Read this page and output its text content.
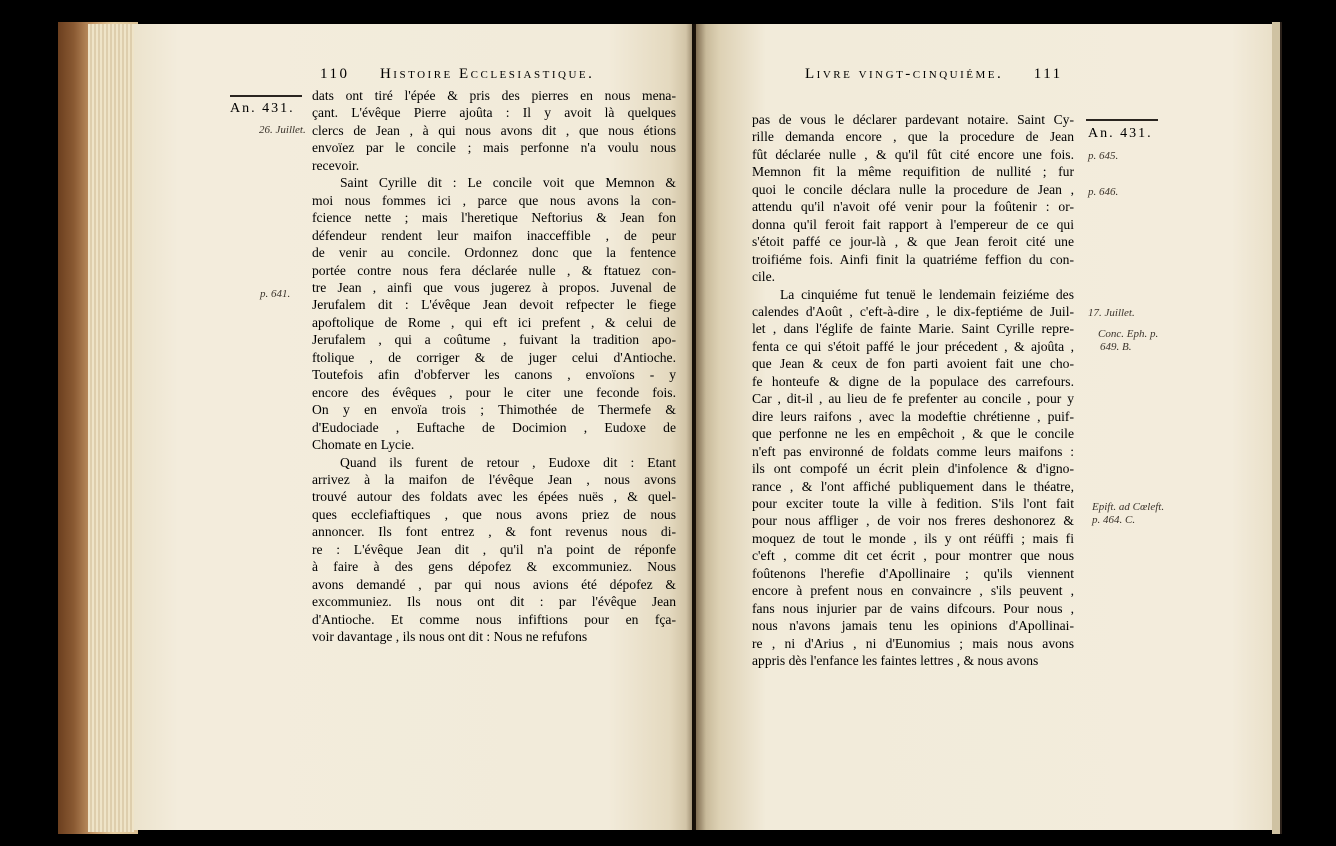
110 Histoire Ecclesiastique.
An. 431.
26. Juillet.
p. 641.
dats ont tiré l'épée & pris des pierres en nous mena-
çant. L'évêque Pierre ajoûta : Il y avoit là quelques
clercs de Jean , à qui nous avons dit , que nous étions
envoïez par le concile ; mais perfonne n'a voulu nous
recevoir.
Saint Cyrille dit : Le concile voit que Memnon &
moi nous fommes ici , parce que nous avons la con-
fcience nette ; mais l'heretique Neftorius & Jean fon
défendeur rendent leur maifon inacceffible , de peur
de venir au concile. Ordonnez donc que la fentence
portée contre nous fera déclarée nulle , & ftatuez con-
tre Jean , ainfi que vous jugerez à propos. Juvenal de
Jerufalem dit : L'évêque Jean devoit refpecter le fiege
apoftolique de Rome , qui eft ici prefent , & celui de
Jerufalem , qui a coûtume , fuivant la tradition apo-
ftolique , de corriger & de juger celui d'Antioche.
Toutefois afin d'obferver les canons , envoïons - y
encore des évêques , pour le citer une feconde fois.
On y en envoïa trois ; Thimothée de Thermefe &
d'Eudociade , Euftache de Docimion , Eudoxe de
Chomate en Lycie.
Quand ils furent de retour , Eudoxe dit : Etant
arrivez à la maifon de l'évêque Jean , nous avons
trouvé autour des foldats avec les épées nuës , & quel-
ques ecclefiaftiques , que nous avons priez de nous
annoncer. Ils font entrez , & font revenus nous di-
re : L'évêque Jean dit , qu'il n'a point de réponfe
à faire à des gens dépofez & excommuniez. Nous
avons demandé , par qui nous avions été dépofez &
excommuniez. Ils nous ont dit : par l'évêque Jean
d'Antioche. Et comme nous infiftions pour en fça-
voir davantage , ils nous ont dit : Nous ne refufons
Livre vingt-cinquiéme. 111
An. 431.
p. 645.
p. 646.
17. Juillet.
Conc. Eph. p.
649. B.
Epift. ad Cœleft.
p. 464. C.
pas de vous le déclarer pardevant notaire. Saint Cy-
rille demanda encore , que la procedure de Jean
fût déclarée nulle , & qu'il fût cité encore une fois.
Memnon fit la même requifition de nullité ; fur
quoi le concile déclara nulle la procedure de Jean ,
attendu qu'il n'avoit ofé venir pour la foûtenir : or-
donna qu'il feroit fait rapport à l'empereur de ce qui
s'étoit paffé ce jour-là , & que Jean feroit cité une
troifiéme fois. Ainfi finit la quatriéme feffion du con-
cile.
La cinquiéme fut tenuë le lendemain feiziéme des
calendes d'Août , c'eft-à-dire , le dix-feptiéme de Juil-
let , dans l'églife de fainte Marie. Saint Cyrille repre-
fenta ce qui s'étoit paffé le jour précedent , & ajoûta ,
que Jean & ceux de fon parti avoient fait une cho-
fe honteufe & digne de la populace des carrefours.
Car , dit-il , au lieu de fe prefenter au concile , pour y
dire leurs raifons , avec la modeftie chrétienne , puif-
que perfonne ne les en empêchoit , & que le concile
n'eft pas environné de foldats comme leurs maifons :
ils ont compofé un écrit plein d'infolence & d'igno-
rance , & l'ont affiché publiquement dans le théatre,
pour exciter toute la ville à fedition. S'ils l'ont fait
pour nous affliger , de voir nos freres deshonorez &
moquez de tout le monde , ils y ont réüffi ; mais fi
c'eft , comme dit cet écrit , pour montrer que nous
foûtenons l'herefie d'Apollinaire ; qu'ils viennent
encore à prefent nous en convaincre , s'ils peuvent ,
fans nous injurier par de vains difcours. Pour nous ,
nous n'avons jamais tenu les opinions d'Apollinai-
re , ni d'Arius , ni d'Eunomius ; mais nous avons
appris dès l'enfance les faintes lettres , & nous avons
